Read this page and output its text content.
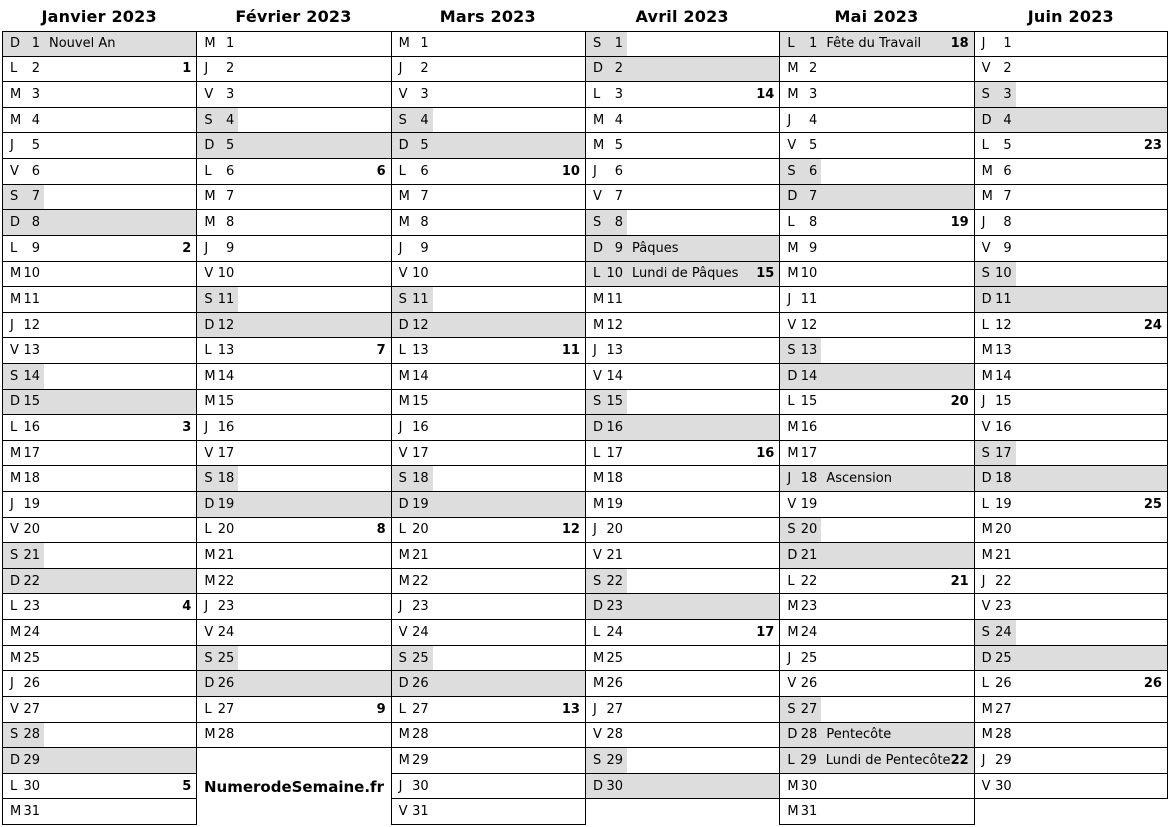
Janvier 2023
D 1 Nouvel An
L	2	1
M 3
M 4
J	5
V 6
S	7
D 8
L	9	2
M 10
M 11
J 12
V 13
S 14
D 15
L 16	3
M 17
M 18
J 19
V 20
S 21
D 22
L 23	4
M 24
M 25
J 26
V 27
S 28
D 29
L 30	5
M 31
Février 2023
M 1
J	2
V 3
S	4
D 5
L	6	6
M 7
M 8
J	9
V 10
S 11
D 12
L 13	7
M 14
M 15
J 16
V 17
S 18
D 19
L 20	8
M 21
M 22
J 23
V 24
S 25
D 26
L 27	9
M 28
NumerodeSemaine.fr
Mars 2023
M 1
J	2
V 3
S	4
D 5
L	6	10
M 7
M 8
J	9
V 10
S 11
D 12
L 13	11
M 14
M 15
J 16
V 17
S 18
D 19
L 20	12
M 21
M 22
J 23
V 24
S 25
D 26
L 27	13
M 28
M 29
J 30
V 31
Avril 2023
S	1
D 2
L	3	14
M 4
M 5
J	6
V 7
S	8
D 9 Pâques
L 10 Lundi de Pâques 15
M 11
M 12
J 13
V 14
S 15
D 16
L 17	16
M 18
M 19
J 20
V 21
S 22
D 23
L 24	17
M 25
M 26
J 27
V 28
S 29
D 30
Mai 2023
L	1 Fête du Travail 18
M 2
M 3
J	4
V 5
S	6
D 7
L	8	19
M 9
M 10
J 11
V 12
S 13
D 14
L 15	20
M 16
M 17
J 18 Ascension
V 19
S 20
D 21
L 22	21
M 23
M 24
J 25
V 26
S 27
D 28 Pentecôte
L 29 Lundi de Pentecôte 22
M 30
M 31
Juin 2023
J	1
V 2
S	3
D 4
L	5	23
M 6
M 7
J	8
V 9
S 10
D 11
L 12	24
M 13
M 14
J 15
V 16
S 17
D 18
L 19	25
M 20
M 21
J 22
V 23
S 24
D 25
L 26	26
M 27
M 28
J 29
V 30
